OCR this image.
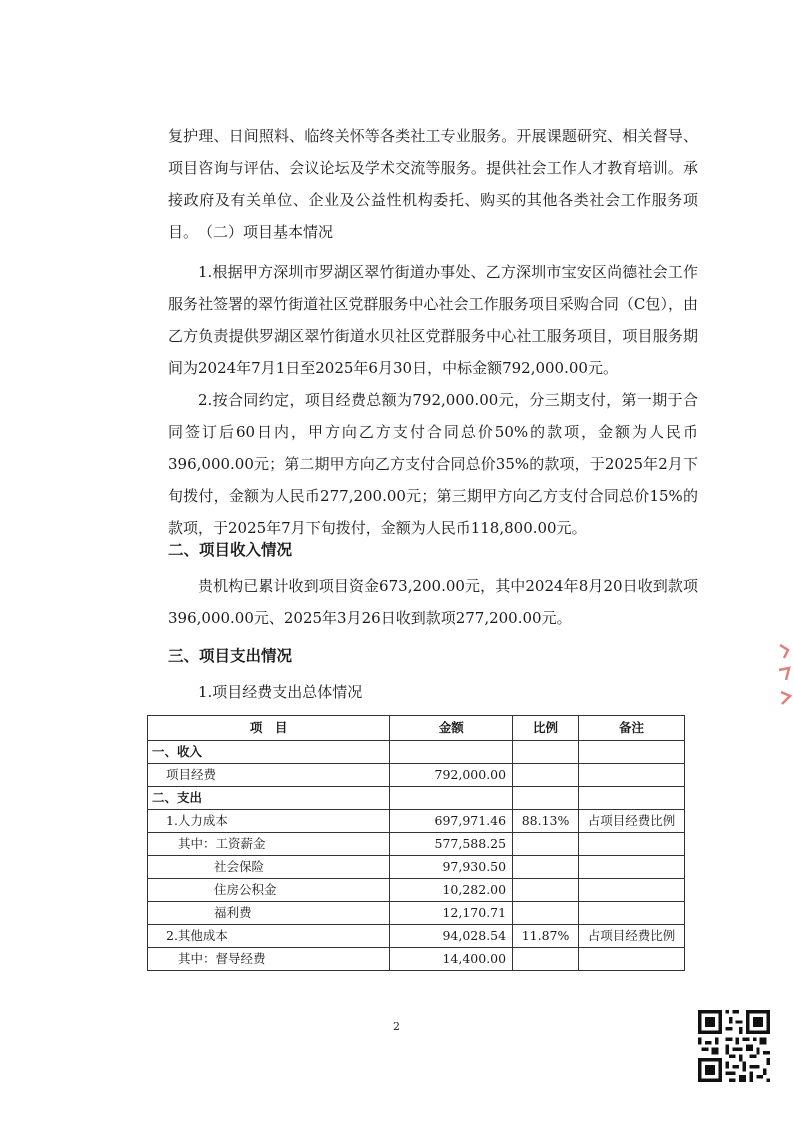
复护理、日间照料、临终关怀等各类社工专业服务。开展课题研究、相关督导、项目咨询与评估、会议论坛及学术交流等服务。提供社会工作人才教育培训。承接政府及有关单位、企业及公益性机构委托、购买的其他各类社会工作服务项目。 （二）项目基本情况

1.根据甲方深圳市罗湖区翠竹街道办事处、乙方深圳市宝安区尚德社会工作服务社签署的翠竹街道社区党群服务中心社会工作服务项目采购合同（C包），由乙方负责提供罗湖区翠竹街道水贝社区党群服务中心社工服务项目，项目服务期间为2024年7月1日至2025年6月30日，中标金额792,000.00元。

2.按合同约定，项目经费总额为792,000.00元，分三期支付，第一期于合同签订后60日内，甲方向乙方支付合同总价50%的款项，金额为人民币396,000.00元；第二期甲方向乙方支付合同总价35%的款项，于2025年2月下旬拨付，金额为人民币277,200.00元；第三期甲方向乙方支付合同总价15%的款项，于2025年7月下旬拨付，金额为人民币118,800.00元。

二、项目收入情况

贵机构已累计收到项目资金673,200.00元，其中2024年8月20日收到款项396,000.00元、2025年3月26日收到款项277,200.00元。

三、项目支出情况

1.项目经费支出总体情况

项　目	金额	比例	备注
一、收入			
项目经费	792,000.00		
二、支出			
1.人力成本	697,971.46	88.13%	占项目经费比例
其中：工资薪金	577,588.25		
社会保险	97,930.50		
住房公积金	10,282.00		
福利费	12,170.71		
2.其他成本	94,028.54	11.87%	占项目经费比例
其中：督导经费	14,400.00		
2
